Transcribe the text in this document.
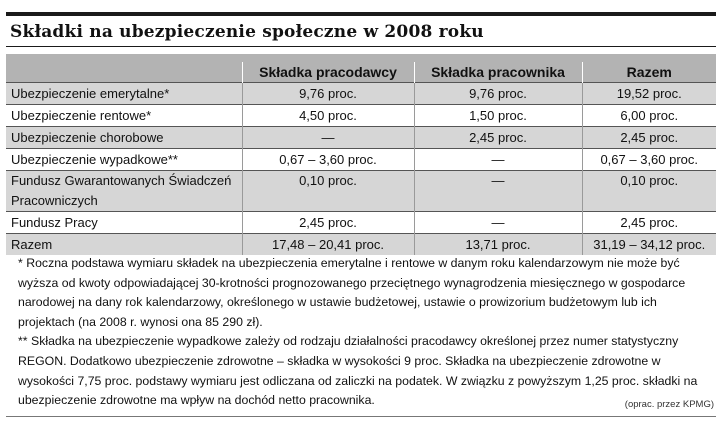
Składki na ubezpieczenie społeczne w 2008 roku
	Składka pracodawcy	Składka pracownika	Razem
Ubezpieczenie emerytalne*	9,76 proc.	9,76 proc.	19,52 proc.
Ubezpieczenie rentowe*	4,50 proc.	1,50 proc.	6,00 proc.
Ubezpieczenie chorobowe	—	2,45 proc.	2,45 proc.
Ubezpieczenie wypadkowe**	0,67 – 3,60 proc.	—	0,67 – 3,60 proc.
Fundusz Gwarantowanych Świadczeń Pracowniczych	0,10 proc.	—	0,10 proc.
Fundusz Pracy	2,45 proc.	—	2,45 proc.
Razem	17,48 – 20,41 proc.	13,71 proc.	31,19 – 34,12 proc.

* Roczna podstawa wymiaru składek na ubezpieczenia emerytalne i rentowe w danym roku kalendarzowym nie może być wyższa od kwoty odpowiadającej 30-krotności prognozowanego przeciętnego wynagrodzenia miesięcznego w gospodarce narodowej na dany rok kalendarzowy, określonego w ustawie budżetowej, ustawie o prowizorium budżetowym lub ich projektach (na 2008 r. wynosi ona 85 290 zł).

** Składka na ubezpieczenie wypadkowe zależy od rodzaju działalności pracodawcy określonej przez numer statystyczny REGON. Dodatkowo ubezpieczenie zdrowotne – składka w wysokości 9 proc. Składka na ubezpieczenie zdrowotne w wysokości 7,75 proc. podstawy wymiaru jest odliczana od zaliczki na podatek. W związku z powyższym 1,25 proc. składki na ubezpieczenie zdrowotne ma wpływ na dochód netto pracownika.	(oprac. przez KPMG)
